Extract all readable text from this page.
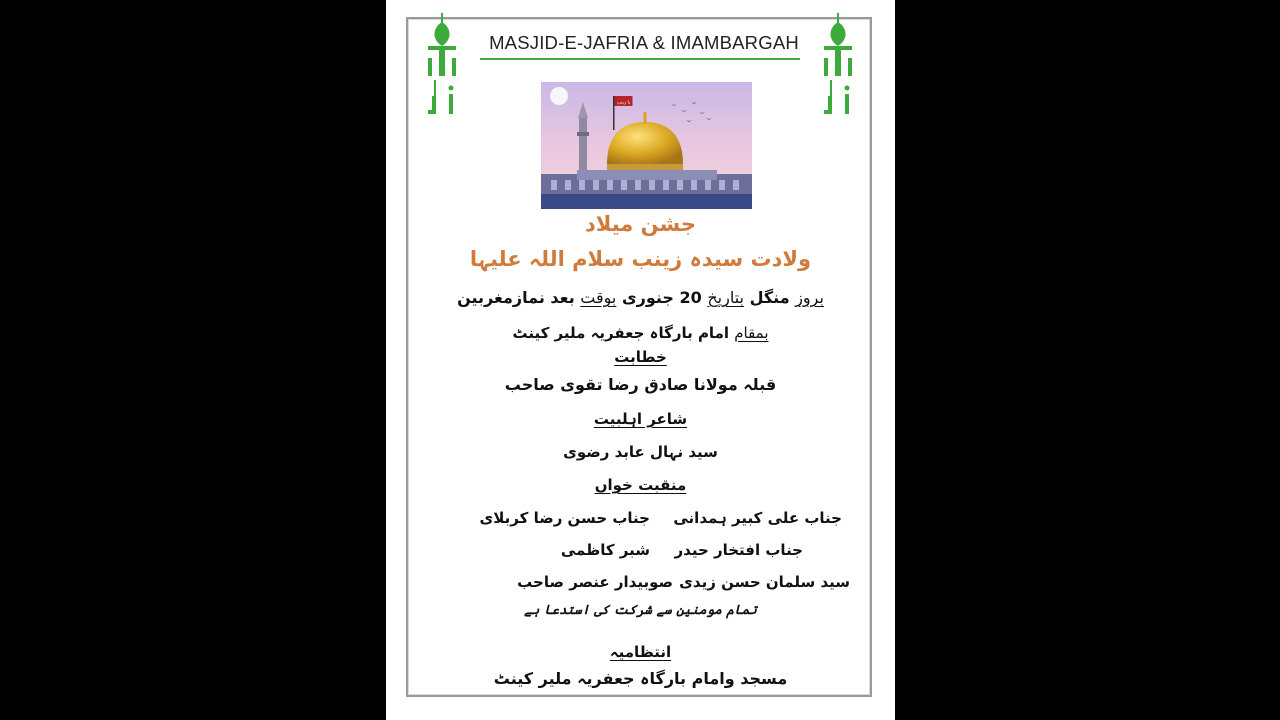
MASJID-E-JAFRIA & IMAMBARGAH
يا زينب
جشن میلاد
ولادت سیدہ زینب سلام اللہ علیہا
بروز منگل بتاریخ 20 جنوری بوقت بعد نمازمغربین
بمقام امام بارگاہ جعفریہ ملیر کینٹ
خطابت
قبلہ مولانا صادق رضا تقوی صاحب
شاعر اہلبیت
سید نہال عابد رضوی
منقبت خواں
جناب علی کبیر ہمدانی
جناب حسن رضا کربلای
جناب افتخار حیدر
شبر کاظمی
سید سلمان حسن زیدی
صوبیدار عنصر صاحب
تمام مومنین سے شرکت کی استدعا ہے
انتظامیہ
مسجد وامام بارگاہ جعفریہ ملیر کینٹ
